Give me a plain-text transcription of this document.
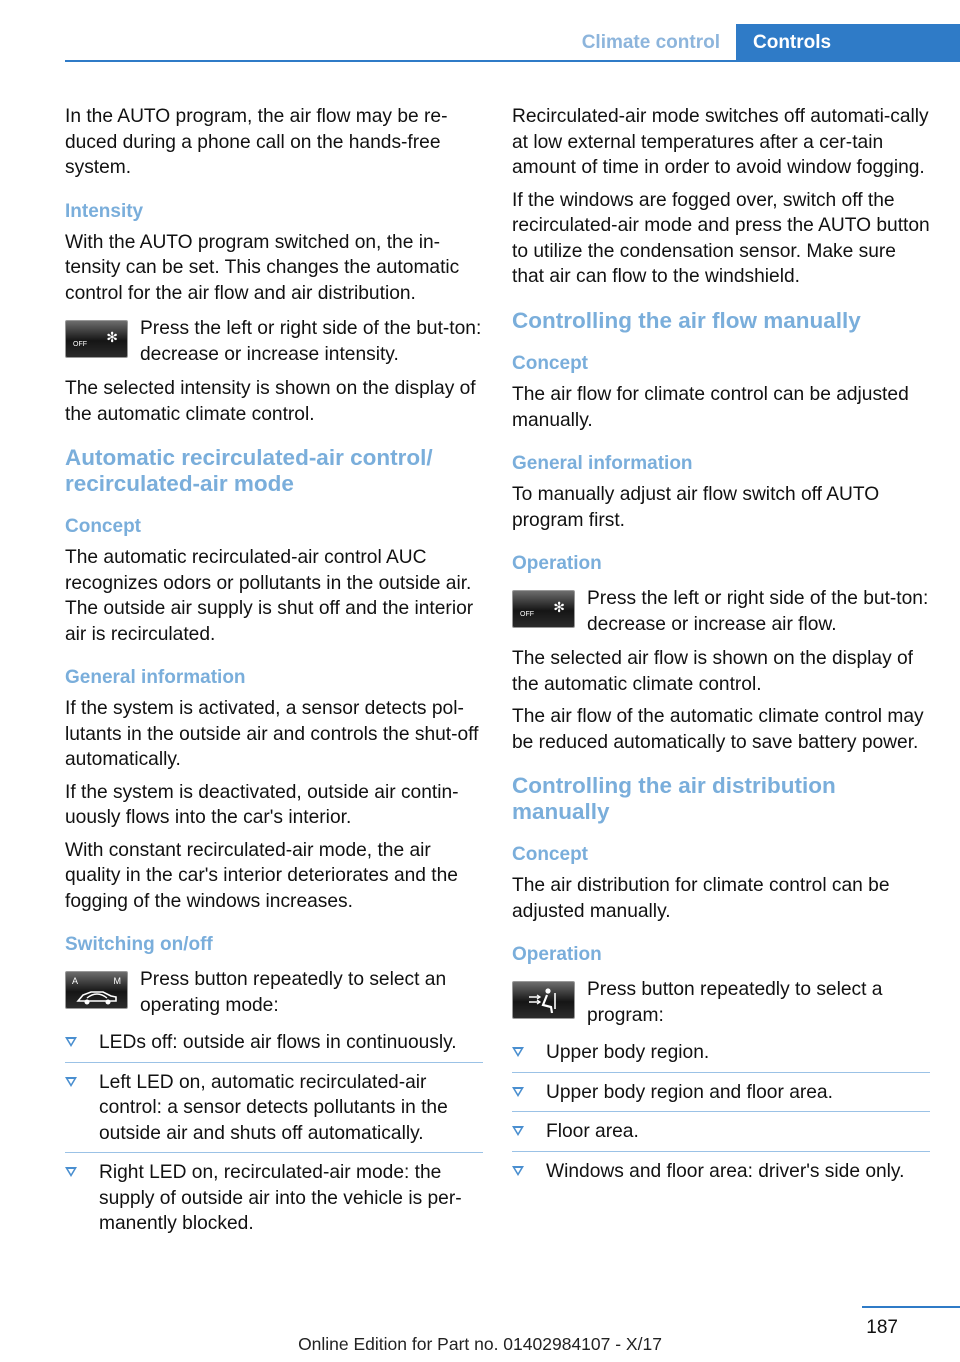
Climate control	Controls

In the AUTO program, the air flow may be re-duced during a phone call on the hands-free system.

Intensity

With the AUTO program switched on, the in-tensity can be set. This changes the automatic control for the air flow and air distribution.

OFF ✻ Press the left or right side of the but-ton: decrease or increase intensity.

The selected intensity is shown on the display of the automatic climate control.

Automatic recirculated-air control/ recirculated-air mode
Concept

The automatic recirculated-air control AUC recognizes odors or pollutants in the outside air. The outside air supply is shut off and the interior air is recirculated.

General information

If the system is activated, a sensor detects pol-lutants in the outside air and controls the shut-off automatically.

If the system is deactivated, outside air contin-uously flows into the car's interior.

With constant recirculated-air mode, the air quality in the car's interior deteriorates and the fogging of the windows increases.

Switching on/off
A	M Press button repeatedly to select an operating mode:

LEDs off: outside air flows in continuously.
Left LED on, automatic recirculated-air control: a sensor detects pollutants in the outside air and shuts off automatically.
Right LED on, recirculated-air mode: the supply of outside air into the vehicle is per-manently blocked.

Recirculated-air mode switches off automati-cally at low external temperatures after a cer-tain amount of time in order to avoid window fogging.

If the windows are fogged over, switch off the recirculated-air mode and press the AUTO button to utilize the condensation sensor. Make sure that air can flow to the windshield.

Controlling the air flow manually
Concept

The air flow for climate control can be adjusted manually.

General information

To manually adjust air flow switch off AUTO program first.

Operation
OFF ✻ Press the left or right side of the but-ton: decrease or increase air flow.

The selected air flow is shown on the display of the automatic climate control.

The air flow of the automatic climate control may be reduced automatically to save battery power.

Controlling the air distribution manually
Concept

The air distribution for climate control can be adjusted manually.

Operation

Press button repeatedly to select a program:

Upper body region.
Upper body region and floor area.
Floor area.
Windows and floor area: driver's side only.
187
Online Edition for Part no. 01402984107 - X/17
